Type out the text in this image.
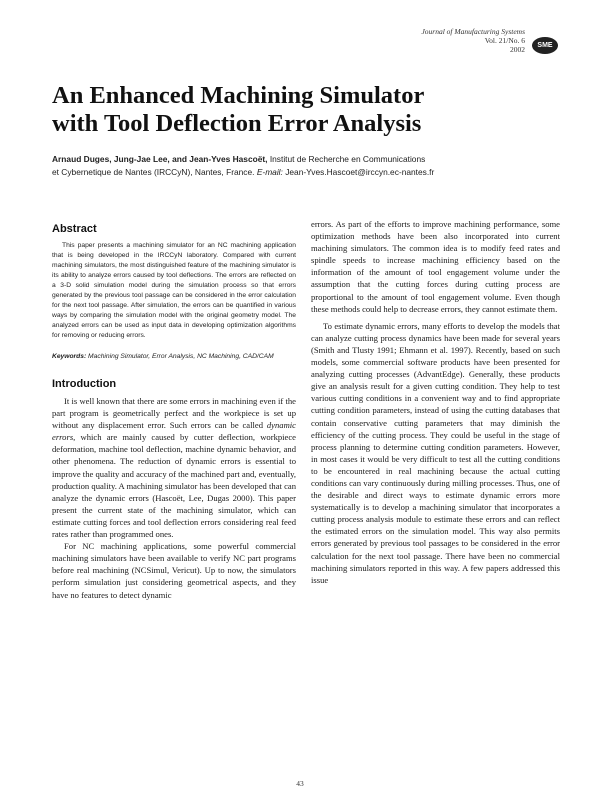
Journal of Manufacturing Systems
Vol. 21/No. 6
2002 SME
An Enhanced Machining Simulator
with Tool Deflection Error Analysis
Arnaud Duges, Jung-Jae Lee, and Jean-Yves Hascoët, Institut de Recherche en Communications
et Cybernetique de Nantes (IRCCyN), Nantes, France. E-mail: Jean-Yves.Hascoet@irccyn.ec-nantes.fr
Abstract

This paper presents a machining simulator for an NC machining application that is being developed in the IRCCyN laboratory. Compared with current machining simulators, the most distinguished feature of the machining simulator is its ability to analyze errors caused by tool deflections. The errors are reflected on a 3-D solid simulation model during the simulation process so that errors generated by the previous tool passage can be considered in the error calculation for the next tool passage. After simulation, the errors can be quantified in various ways by comparing the simulation model with the original geometry model. The analyzed errors can be used as input data in developing optimization algorithms for removing or reducing errors.

Keywords: Machining Simulator, Error Analysis, NC Machining, CAD/CAM

Introduction

It is well known that there are some errors in machining even if the part program is geometrically perfect and the workpiece is set up without any displacement error. Such errors can be called dynamic errors, which are mainly caused by cutter deflection, workpiece deformation, machine tool deflection, machine dynamic behavior, and other phenomena. The reduction of dynamic errors is essential to improve the quality and accuracy of the machined part and, eventually, production quality. A machining simulator has been developed that can analyze the dynamic errors (Hascoët, Lee, Dugas 2000). This paper present the current state of the machining simulator, which can estimate cutting forces and tool deflection errors considering real feed rates rather than programmed ones.

For NC machining applications, some powerful commercial machining simulators have been available to verify NC part programs before real machining (NCSimul, Vericut). Up to now, the simulators perform simulation just considering geometrical aspects, and they have no features to detect dynamic

errors. As part of the efforts to improve machining performance, some optimization methods have been also incorporated into current machining simulators. The common idea is to modify feed rates and spindle speeds to increase machining efficiency based on the information of the amount of tool engagement volume under the assumption that the cutting forces during cutting process are proportional to the amount of tool engagement volume. Even though these methods could help to decrease errors, they cannot estimate them.

To estimate dynamic errors, many efforts to develop the models that can analyze cutting process dynamics have been made for several years (Smith and Tlusty 1991; Ehmann et al. 1997). Recently, based on such models, some commercial software products have been presented for analyzing cutting processes (AdvantEdge). Generally, these products give an analysis result for a given cutting condition. They help to test various cutting conditions in a convenient way and to find appropriate cutting condition parameters, instead of using the cutting databases that contain conservative cutting parameters that may diminish the efficiency of the cutting process. They could be useful in the stage of process planning to determine cutting condition parameters. However, in most cases it would be very difficult to test all the cutting conditions to be encountered in real machining because the actual cutting conditions can vary continuously during milling processes. Thus, one of the desirable and direct ways to estimate dynamic errors more systematically is to develop a machining simulator that incorporates a cutting process analysis module to estimate these errors and can reflect the estimated errors on the simulation model. This way also permits errors generated by previous tool passages to be considered in the error calculation for the next tool passage. There have been no commercial machining simulators reported in this way. A few papers addressed this issue

43
